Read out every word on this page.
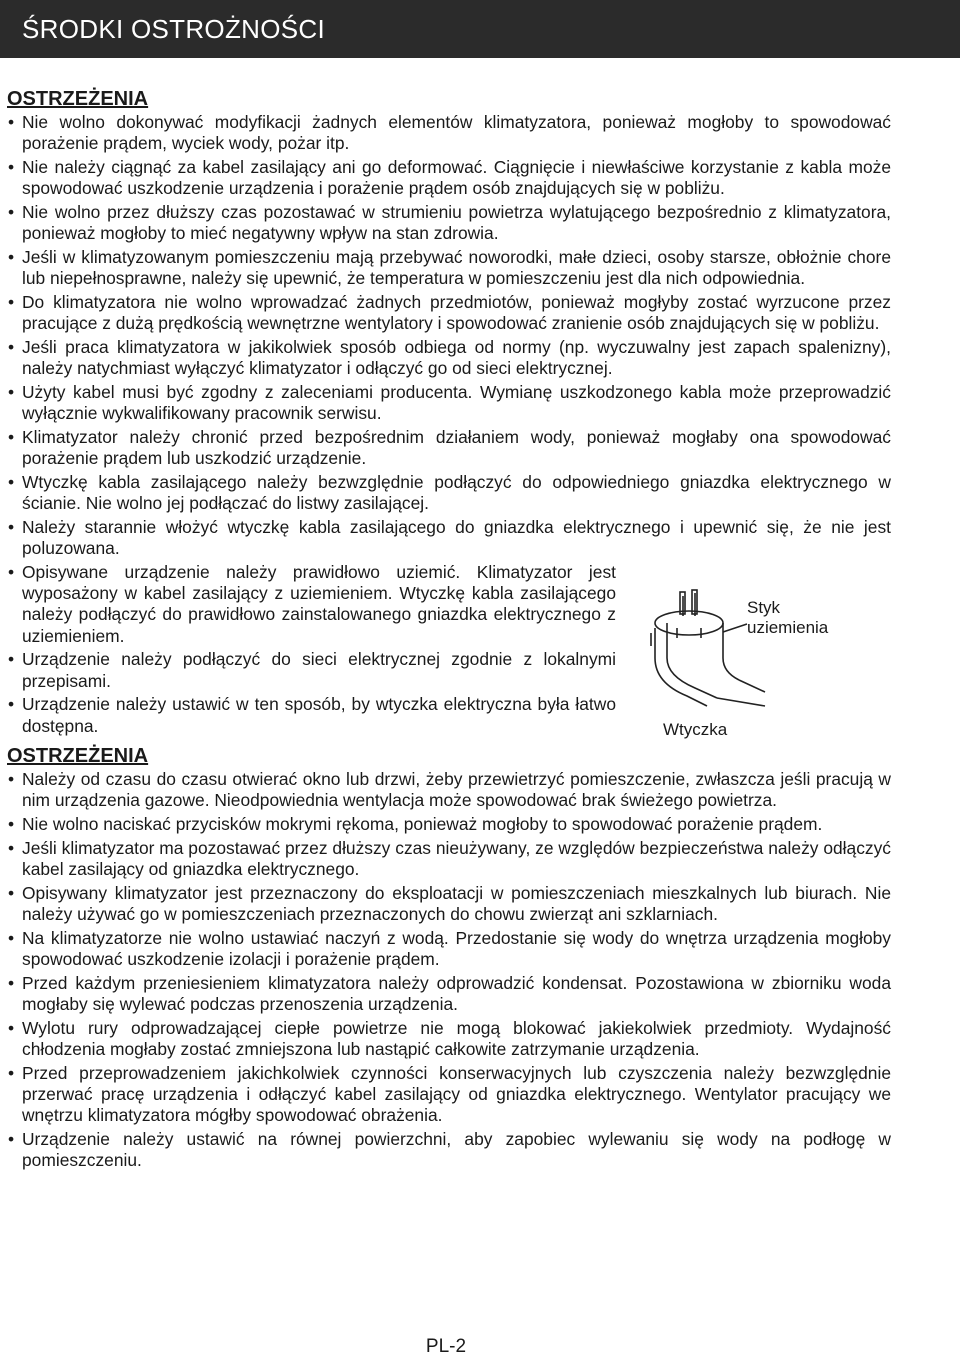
ŚRODKI OSTROŻNOŚCI
OSTRZEŻENIA
• Nie wolno dokonywać modyfikacji żadnych elementów klimatyzatora, ponieważ mogłoby to spowodować porażenie prądem, wyciek wody, pożar itp.
• Nie należy ciągnąć za kabel zasilający ani go deformować. Ciągnięcie i niewłaściwe korzystanie z kabla może spowodować uszkodzenie urządzenia i porażenie prądem osób znajdujących się w pobliżu.
• Nie wolno przez dłuższy czas pozostawać w strumieniu powietrza wylatującego bezpośrednio z klimatyzatora, ponieważ mogłoby to mieć negatywny wpływ na stan zdrowia.
• Jeśli w klimatyzowanym pomieszczeniu mają przebywać noworodki, małe dzieci, osoby starsze, obłożnie chore lub niepełnosprawne, należy się upewnić, że temperatura w pomieszczeniu jest dla nich odpowiednia.
• Do klimatyzatora nie wolno wprowadzać żadnych przedmiotów, ponieważ mogłyby zostać wyrzucone przez pracujące z dużą prędkością wewnętrzne wentylatory i spowodować zranienie osób znajdujących się w pobliżu.
• Jeśli praca klimatyzatora w jakikolwiek sposób odbiega od normy (np. wyczuwalny jest zapach spalenizny), należy natychmiast wyłączyć klimatyzator i odłączyć go od sieci elektrycznej.
• Użyty kabel musi być zgodny z zaleceniami producenta. Wymianę uszkodzonego kabla może przeprowadzić wyłącznie wykwalifikowany pracownik serwisu.
• Klimatyzator należy chronić przed bezpośrednim działaniem wody, ponieważ mogłaby ona spowodować porażenie prądem lub uszkodzić urządzenie.
• Wtyczkę kabla zasilającego należy bezwzględnie podłączyć do odpowiedniego gniazdka elektrycznego w ścianie. Nie wolno jej podłączać do listwy zasilającej.
• Należy starannie włożyć wtyczkę kabla zasilającego do gniazdka elektrycznego i upewnić się, że nie jest poluzowana.
• Opisywane urządzenie należy prawidłowo uziemić. Klimatyzator jest wyposażony w kabel zasilający z uziemieniem. Wtyczkę kabla zasilającego należy podłączyć do prawidłowo zainstalowanego gniazdka elektrycznego z uziemieniem.
• Urządzenie należy podłączyć do sieci elektrycznej zgodnie z lokalnymi przepisami.
• Urządzenie należy ustawić w ten sposób, by wtyczka elektryczna była łatwo dostępna.
Styk
uziemienia
Wtyczka
OSTRZEŻENIA
• Należy od czasu do czasu otwierać okno lub drzwi, żeby przewietrzyć pomieszczenie, zwłaszcza jeśli pracują w nim urządzenia gazowe. Nieodpowiednia wentylacja może spowodować brak świeżego powietrza.
• Nie wolno naciskać przycisków mokrymi rękoma, ponieważ mogłoby to spowodować porażenie prądem.
• Jeśli klimatyzator ma pozostawać przez dłuższy czas nieużywany, ze względów bezpieczeństwa należy odłączyć kabel zasilający od gniazdka elektrycznego.
• Opisywany klimatyzator jest przeznaczony do eksploatacji w pomieszczeniach mieszkalnych lub biurach. Nie należy używać go w pomieszczeniach przeznaczonych do chowu zwierząt ani szklarniach.
• Na klimatyzatorze nie wolno ustawiać naczyń z wodą. Przedostanie się wody do wnętrza urządzenia mogłoby spowodować uszkodzenie izolacji i porażenie prądem.
• Przed każdym przeniesieniem klimatyzatora należy odprowadzić kondensat. Pozostawiona w zbiorniku woda mogłaby się wylewać podczas przenoszenia urządzenia.
• Wylotu rury odprowadzającej ciepłe powietrze nie mogą blokować jakiekolwiek przedmioty. Wydajność chłodzenia mogłaby zostać zmniejszona lub nastąpić całkowite zatrzymanie urządzenia.
• Przed przeprowadzeniem jakichkolwiek czynności konserwacyjnych lub czyszczenia należy bezwzględnie przerwać pracę urządzenia i odłączyć kabel zasilający od gniazdka elektrycznego. Wentylator pracujący we wnętrzu klimatyzatora mógłby spowodować obrażenia.
• Urządzenie należy ustawić na równej powierzchni, aby zapobiec wylewaniu się wody na podłogę w pomieszczeniu.
PL-2
